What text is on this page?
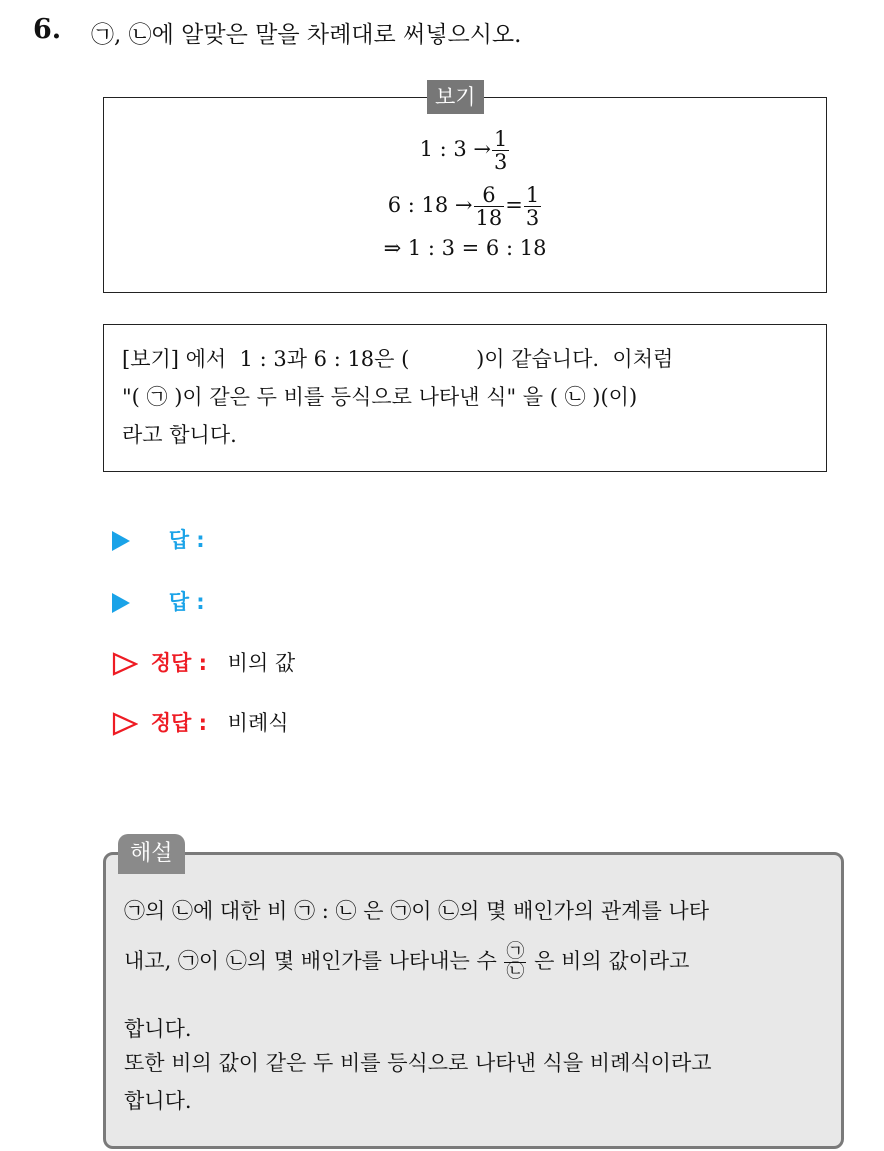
6. ㉠, ㉡에 알맞은 말을 차례대로 써넣으시오.
1 : $3 \to \frac{1}{3}$
6 : $18 \to \frac{6}{18} = \frac{1}{3}$
⇒ 1 : 3 = 6 : 18
보기
[보기] 에서  1 : 3과 6 : 18은 (          )이 같습니다.  이처럼
"( ㉠ )이 같은 두 비를 등식으로 나타낸 식" 을 ( ㉡ )(이)
라고 합니다.
답 :
답 :
정답 : 비의 값
정답 : 비례식
㉠의 ㉡에 대한 비 ㉠ : ㉡ 은 ㉠이 ㉡의 몇 배인가의 관계를 나타
내고, ㉠이 ㉡의 몇 배인가를 나타내는 수 $\frac{㉠}{㉡}$ 은 비의 값이라고
합니다.
또한 비의 값이 같은 두 비를 등식으로 나타낸 식을 비례식이라고
합니다.
해설
